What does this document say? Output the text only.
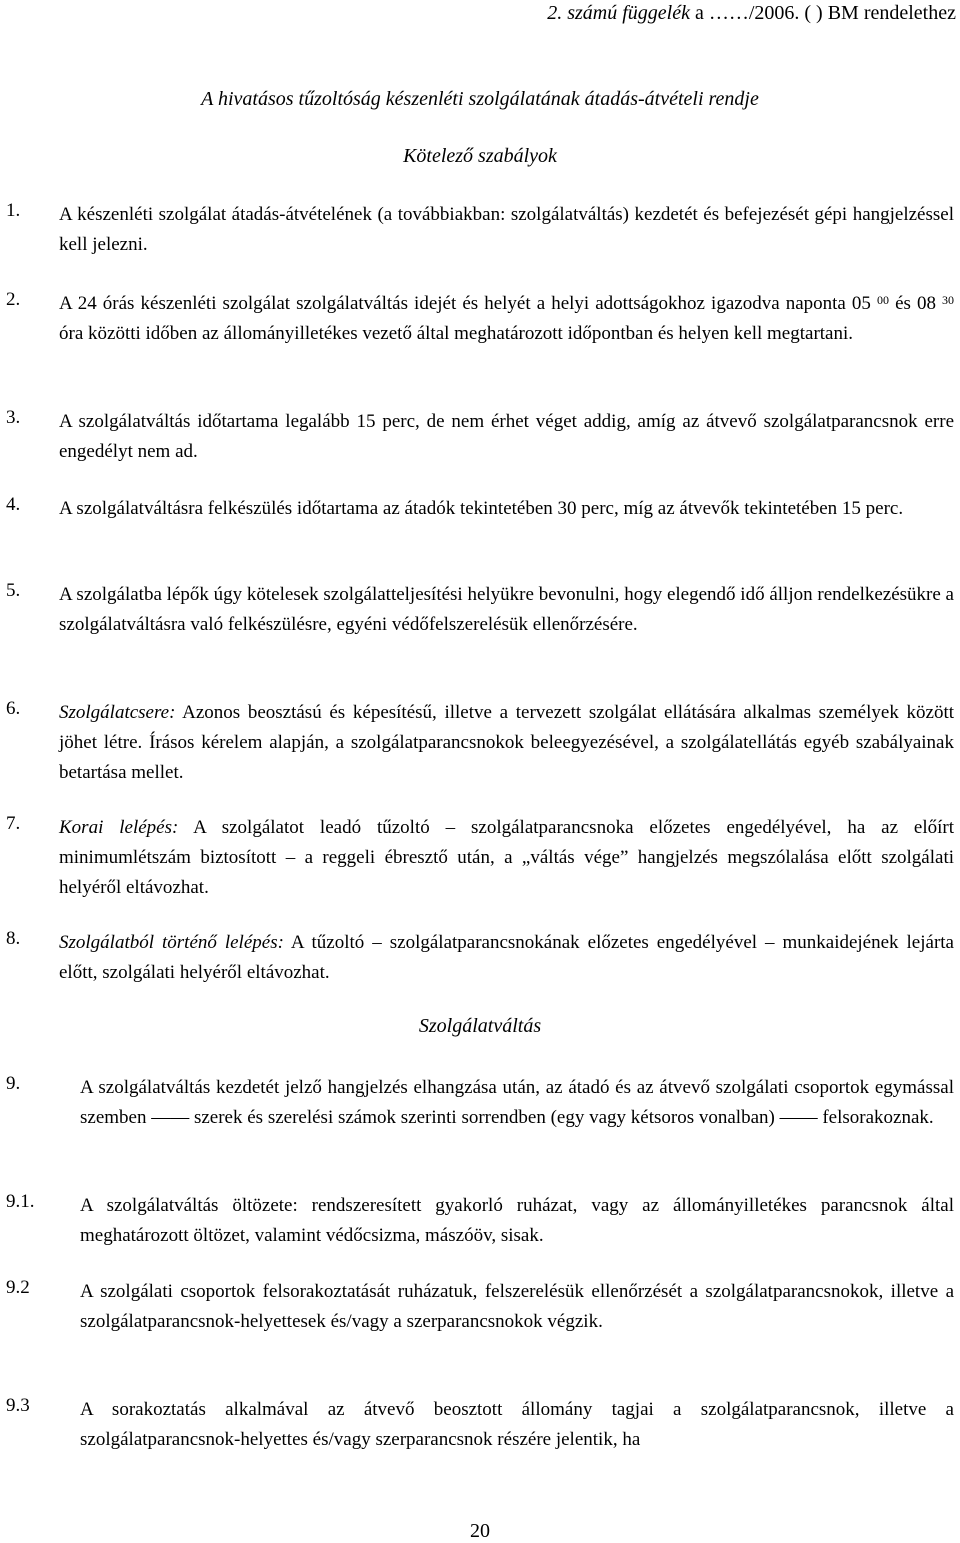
2. számú függelék a ……/2006. ( ) BM rendelethez
A hivatásos tűzoltóság készenléti szolgálatának átadás-átvételi rendje
Kötelező szabályok
1. A készenléti szolgálat átadás-átvételének (a továbbiakban: szolgálatváltás) kezdetét és befejezését gépi hangjelzéssel kell jelezni.
2. A 24 órás készenléti szolgálat szolgálatváltás idejét és helyét a helyi adottságokhoz igazodva naponta 05 $^{00}$ és 08 $^{30}$ óra közötti időben az állományilletékes vezető által meghatározott időpontban és helyen kell megtartani.
3. A szolgálatváltás időtartama legalább 15 perc, de nem érhet véget addig, amíg az átvevő szolgálatparancsnok erre engedélyt nem ad.
4. A szolgálatváltásra felkészülés időtartama az átadók tekintetében 30 perc, míg az átvevők tekintetében 15 perc.
5. A szolgálatba lépők úgy kötelesek szolgálatteljesítési helyükre bevonulni, hogy elegendő idő álljon rendelkezésükre a szolgálatváltásra való felkészülésre, egyéni védőfelszerelésük ellenőrzésére.
6. Szolgálatcsere: Azonos beosztású és képesítésű, illetve a tervezett szolgálat ellátására alkalmas személyek között jöhet létre. Írásos kérelem alapján, a szolgálatparancsnokok beleegyezésével, a szolgálatellátás egyéb szabályainak betartása mellet.
7. Korai lelépés: A szolgálatot leadó tűzoltó – szolgálatparancsnoka előzetes engedélyével, ha az előírt minimumlétszám biztosított – a reggeli ébresztő után, a „váltás vége” hangjelzés megszólalása előtt szolgálati helyéről eltávozhat.
8. Szolgálatból történő lelépés: A tűzoltó – szolgálatparancsnokának előzetes engedélyével – munkaidejének lejárta előtt, szolgálati helyéről eltávozhat.
Szolgálatváltás
9.	A szolgálatváltás kezdetét jelző hangjelzés elhangzása után, az átadó és az átvevő szolgálati csoportok egymással szemben —— szerek és szerelési számok szerinti sorrendben (egy vagy kétsoros vonalban) —— felsorakoznak.
9.1. A szolgálatváltás öltözete: rendszeresített gyakorló ruházat, vagy az állományilletékes parancsnok által meghatározott öltözet, valamint védőcsizma, mászóöv, sisak.
9.2	A szolgálati csoportok felsorakoztatását ruházatuk, felszerelésük ellenőrzését a szolgálatparancsnokok, illetve a szolgálatparancsnok-helyettesek és/vagy a szerparancsnokok végzik.
9.3	A sorakoztatás alkalmával az átvevő beosztott állomány tagjai a szolgálatparancsnok, illetve a szolgálatparancsnok-helyettes és/vagy szerparancsnok részére jelentik, ha
20
